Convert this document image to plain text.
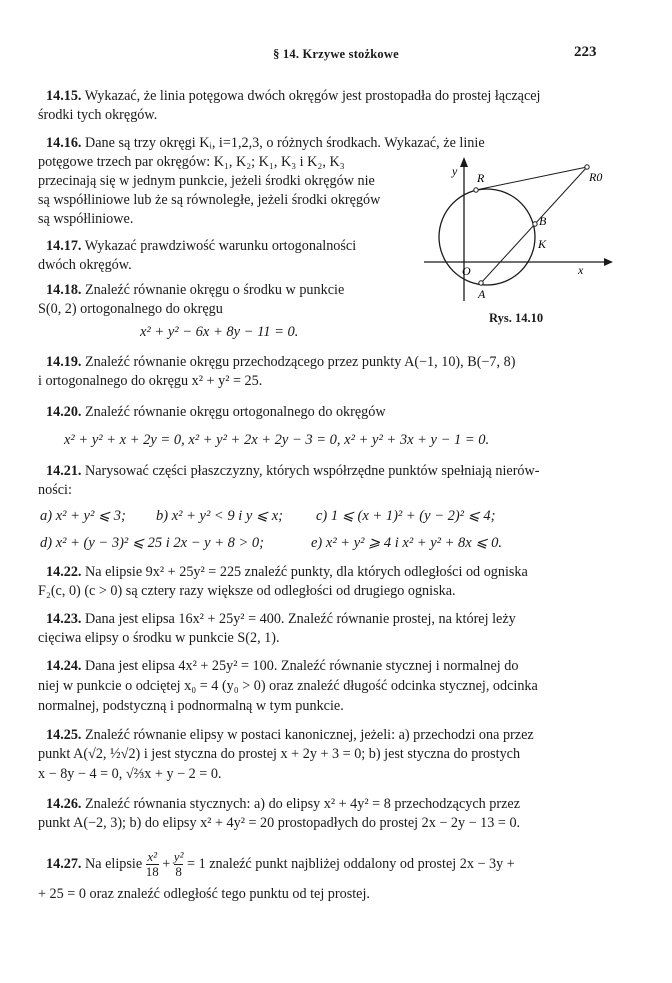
§ 14. Krzywe stożkowe	223
14.15. Wykazać, że linia potęgowa dwóch okręgów jest prostopadła do prostej łączącej
środki tych okręgów.
14.16. Dane są trzy okręgi Kᵢ, i=1,2,3, o różnych środkach. Wykazać, że linie
potęgowe trzech par okręgów: K₁, K₂; K₁, K₃ i K₂, K₃
przecinają się w jednym punkcie, jeżeli środki okręgów nie
są współliniowe lub że są równoległe, jeżeli środki okręgów
są współliniowe.
14.17. Wykazać prawdziwość warunku ortogonalności
dwóch okręgów.
14.18. Znaleźć równanie okręgu o środku w punkcie
S(0, 2) ortogonalnego do okręgu
x² + y² − 6x + 8y − 11 = 0.
y
x
O
A
B
K
R	R0
Rys. 14.10
14.19. Znaleźć równanie okręgu przechodzącego przez punkty A(−1, 10), B(−7, 8)
i ortogonalnego do okręgu x² + y² = 25.
14.20. Znaleźć równanie okręgu ortogonalnego do okręgów
x² + y² + x + 2y = 0, x² + y² + 2x + 2y − 3 = 0, x² + y² + 3x + y − 1 = 0.
14.21. Narysować części płaszczyzny, których współrzędne punktów spełniają nierów-
ności:
a) x² + y² ⩽ 3; b) x² + y² < 9 i y ⩽ x; c) 1 ⩽ (x + 1)² + (y − 2)² ⩽ 4;
d) x² + (y − 3)² ⩽ 25 i 2x − y + 8 > 0;	e) x² + y² ⩾ 4 i x² + y² + 8x ⩽ 0.
14.22. Na elipsie 9x² + 25y² = 225 znaleźć punkty, dla których odległości od ogniska
F₂(c, 0) (c > 0) są cztery razy większe od odległości od drugiego ogniska.
14.23. Dana jest elipsa 16x² + 25y² = 400. Znaleźć równanie prostej, na której leży
cięciwa elipsy o środku w punkcie S(2, 1).
14.24. Dana jest elipsa 4x² + 25y² = 100. Znaleźć równanie stycznej i normalnej do
niej w punkcie o odciętej x₀ = 4 (y₀ > 0) oraz znaleźć długość odcinka stycznej, odcinka
normalnej, podstyczną i podnormalną w tym punkcie.
14.25. Znaleźć równanie elipsy w postaci kanonicznej, jeżeli: a) przechodzi ona przez
punkt A(√2, ½√2) i jest styczna do prostej x + 2y + 3 = 0; b) jest styczna do prostych
x − 8y − 4 = 0, √⅔x + y − 2 = 0.
14.26. Znaleźć równania stycznych: a) do elipsy x² + 4y² = 8 przechodzących przez
punkt A(−2, 3); b) do elipsy x² + 4y² = 20 prostopadłych do prostej 2x − 2y − 13 = 0.
14.27. Na elipsie $\frac{\text{x²}}{18} + \frac{\text{y²}}{8} = 1$ znaleźć punkt najbliżej oddalony od prostej 2x − 3y +
+ 25 = 0 oraz znaleźć odległość tego punktu od tej prostej.
